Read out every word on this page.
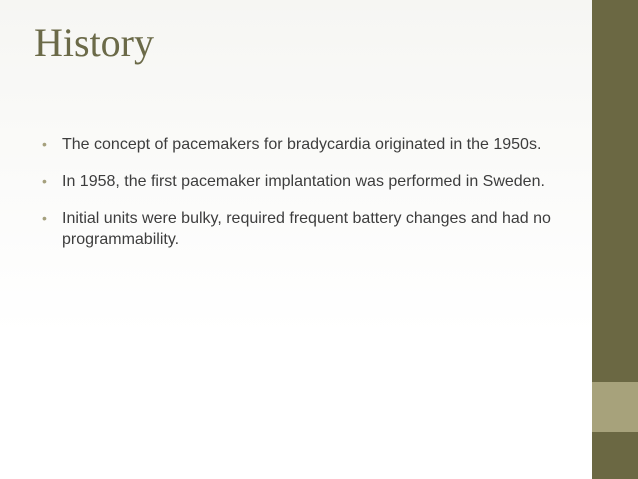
History
• The concept of pacemakers for bradycardia originated in the 1950s.
• In 1958, the first pacemaker implantation was performed in Sweden.
• Initial units were bulky, required frequent battery changes and had no programmability.
